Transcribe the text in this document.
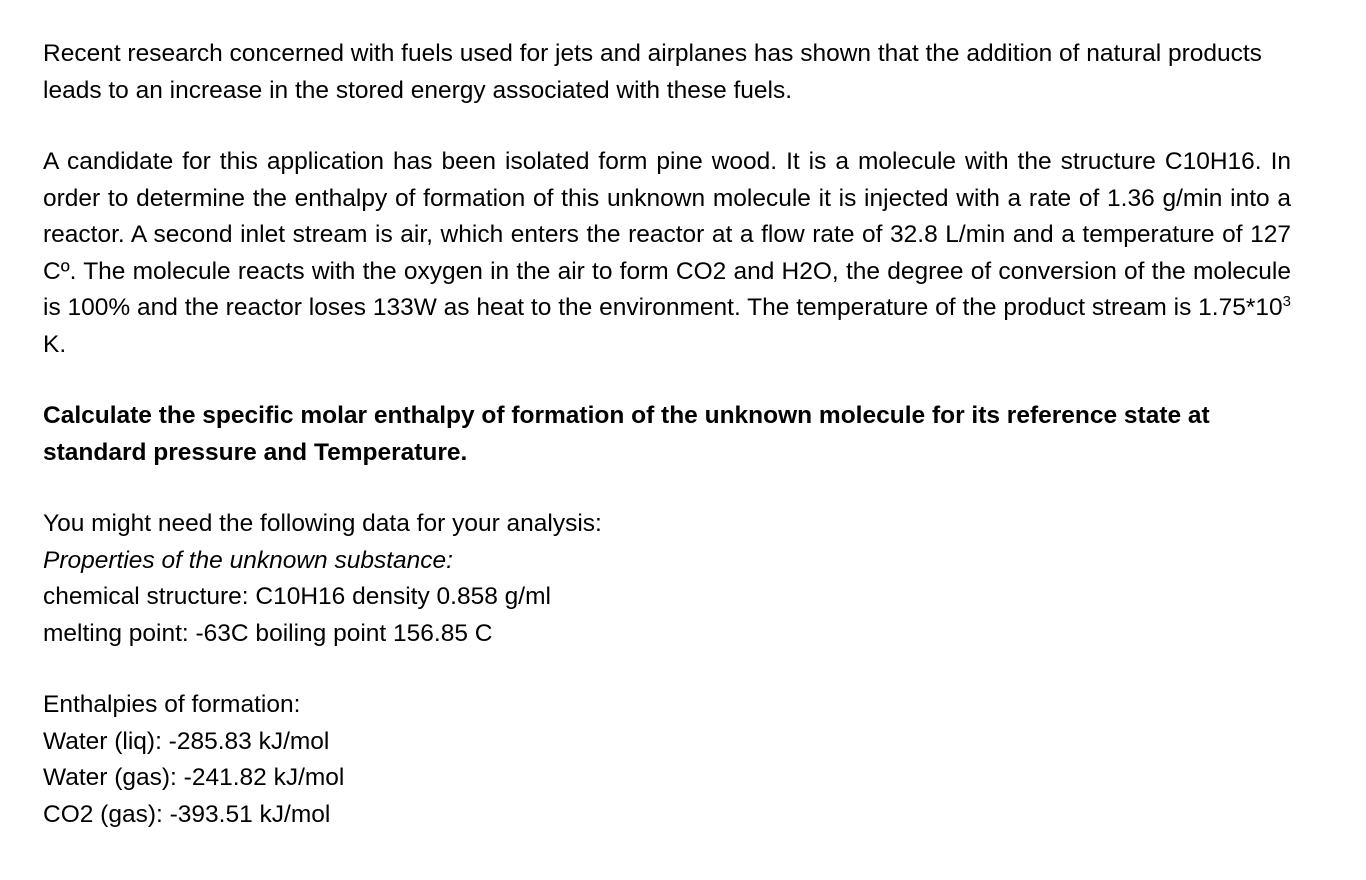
Recent research concerned with fuels used for jets and airplanes has shown that the addition of natural products leads to an increase in the stored energy associated with these fuels.

A candidate for this application has been isolated form pine wood. It is a molecule with the structure C10H16. In order to determine the enthalpy of formation of this unknown molecule it is injected with a rate of 1.36 g/min into a reactor. A second inlet stream is air, which enters the reactor at a flow rate of 32.8 L/min and a temperature of 127 Cº. The molecule reacts with the oxygen in the air to form CO2 and H2O, the degree of conversion of the molecule is 100% and the reactor loses 133W as heat to the environment. The temperature of the product stream is $1.75*10^3$ K.

Calculate the specific molar enthalpy of formation of the unknown molecule for its reference state at standard pressure and Temperature.

You might need the following data for your analysis:
Properties of the unknown substance:
chemical structure: C10H16 density 0.858 g/ml
melting point: -63C boiling point 156.85 C
Enthalpies of formation:
Water (liq): -285.83 kJ/mol
Water (gas): -241.82 kJ/mol
CO2 (gas): -393.51 kJ/mol
